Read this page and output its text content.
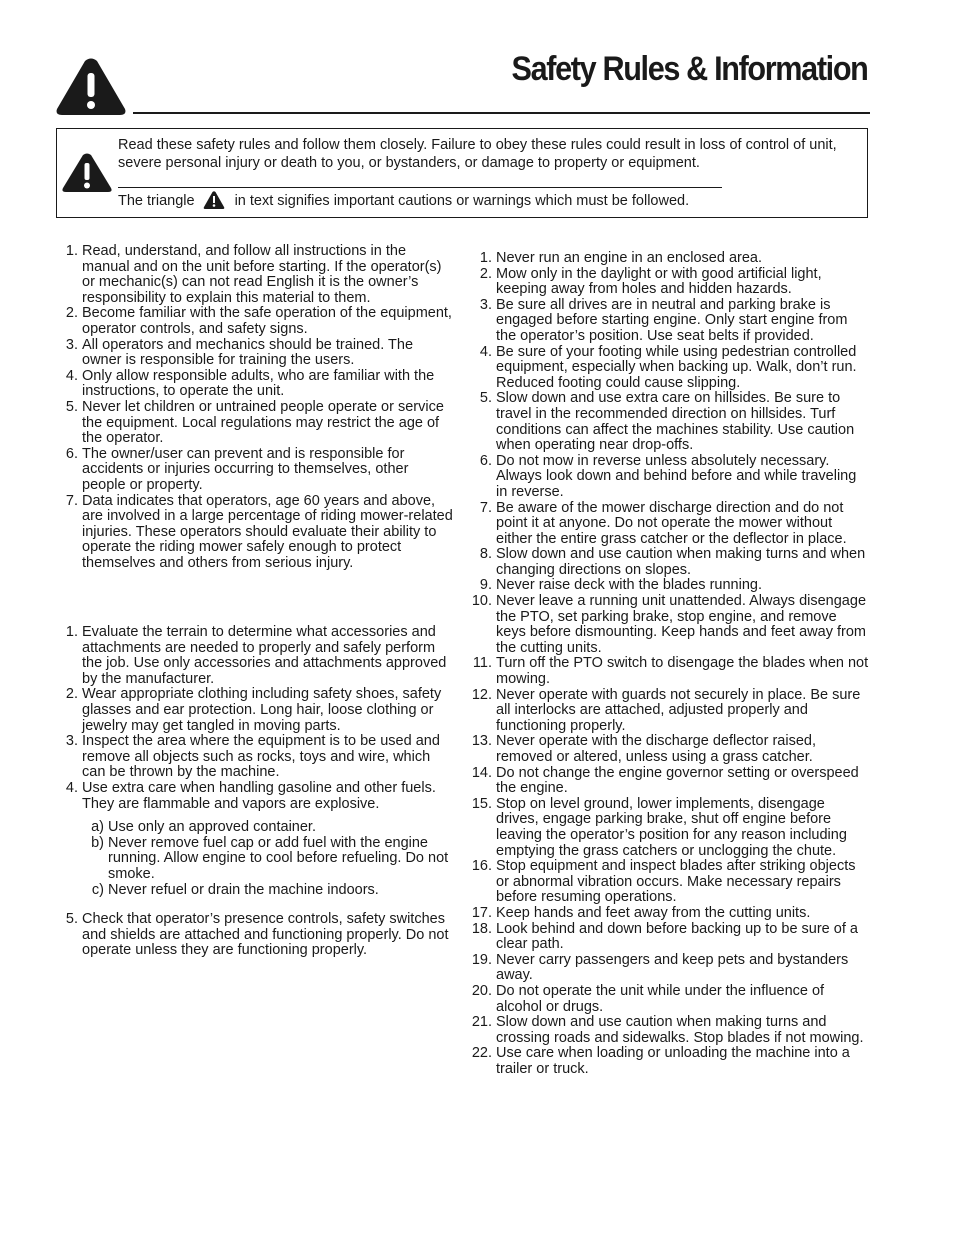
Safety Rules & Information

Read these safety rules and follow them closely. Failure to obey these rules could result in loss of control of unit, severe personal injury or death to you, or bystanders, or damage to property or equipment.

The triangle	in text signifies important cautions or warnings which must be followed.
1. Read, understand, and follow all instructions in the manual and on the unit before starting. If the operator(s) or mechanic(s) can not read English it is the owner’s responsibility to explain this material to them.
2. Become familiar with the safe operation of the equipment, operator controls, and safety signs.
3. All operators and mechanics should be trained. The owner is responsible for training the users.
4. Only allow responsible adults, who are familiar with the instructions, to operate the unit.
5. Never let children or untrained people operate or service the equipment. Local regulations may restrict the age of the operator.
6. The owner/user can prevent and is responsible for accidents or injuries occurring to themselves, other people or property.
7. Data indicates that operators, age 60 years and above, are involved in a large percentage of riding mower-related injuries. These operators should evaluate their ability to operate the riding mower safely enough to protect themselves and others from serious injury.
1. Evaluate the terrain to determine what accessories and attachments are needed to properly and safely perform the job. Use only accessories and attachments approved by the manufacturer.
2. Wear appropriate clothing including safety shoes, safety glasses and ear protection. Long hair, loose clothing or jewelry may get tangled in moving parts.
3. Inspect the area where the equipment is to be used and remove all objects such as rocks, toys and wire, which can be thrown by the machine.
4. Use extra care when handling gasoline and other fuels. They are flammable and vapors are explosive.
a) Use only an approved container.
b) Never remove fuel cap or add fuel with the engine running. Allow engine to cool before refueling. Do not smoke.
c) Never refuel or drain the machine indoors.
5. Check that operator’s presence controls, safety switches and shields are attached and functioning properly. Do not operate unless they are functioning properly.
1. Never run an engine in an enclosed area.
2. Mow only in the daylight or with good artificial light, keeping away from holes and hidden hazards.
3. Be sure all drives are in neutral and parking brake is engaged before starting engine. Only start engine from the operator’s position. Use seat belts if provided.
4. Be sure of your footing while using pedestrian controlled equipment, especially when backing up. Walk, don’t run. Reduced footing could cause slipping.
5. Slow down and use extra care on hillsides. Be sure to travel in the recommended direction on hillsides. Turf conditions can affect the machines stability. Use caution when operating near drop-offs.
6. Do not mow in reverse unless absolutely necessary. Always look down and behind before and while traveling in reverse.
7. Be aware of the mower discharge direction and do not point it at anyone. Do not operate the mower without either the entire grass catcher or the deflector in place.
8. Slow down and use caution when making turns and when changing directions on slopes.
9. Never raise deck with the blades running.
10. Never leave a running unit unattended. Always disengage the PTO, set parking brake, stop engine, and remove keys before dismounting. Keep hands and feet away from the cutting units.
11. Turn off the PTO switch to disengage the blades when not mowing.
12. Never operate with guards not securely in place. Be sure all interlocks are attached, adjusted properly and functioning properly.
13. Never operate with the discharge deflector raised, removed or altered, unless using a grass catcher.
14. Do not change the engine governor setting or overspeed the engine.
15. Stop on level ground, lower implements, disengage drives, engage parking brake, shut off engine before leaving the operator’s position for any reason including emptying the grass catchers or unclogging the chute.
16. Stop equipment and inspect blades after striking objects or abnormal vibration occurs. Make necessary repairs before resuming operations.
17. Keep hands and feet away from the cutting units.
18. Look behind and down before backing up to be sure of a clear path.
19. Never carry passengers and keep pets and bystanders away.
20. Do not operate the unit while under the influence of alcohol or drugs.
21. Slow down and use caution when making turns and crossing roads and sidewalks. Stop blades if not mowing.
22. Use care when loading or unloading the machine into a trailer or truck.
